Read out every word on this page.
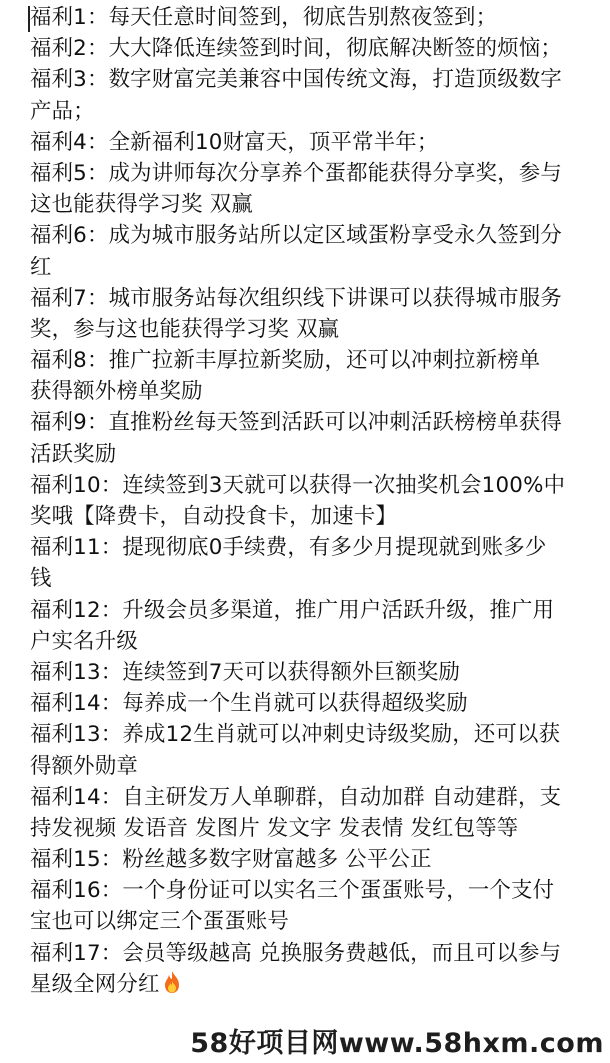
福利1：每天任意时间签到，彻底告别熬夜签到；
福利2：大大降低连续签到时间，彻底解决断签的烦恼；
福利3：数字财富完美兼容中国传统文海，打造顶级数字
产品；
福利4：全新福利10财富天，顶平常半年；
福利5：成为讲师每次分享养个蛋都能获得分享奖，参与
这也能获得学习奖 双赢
福利6：成为城市服务站所以定区域蛋粉享受永久签到分
红
福利7：城市服务站每次组织线下讲课可以获得城市服务
奖，参与这也能获得学习奖 双赢
福利8：推广拉新丰厚拉新奖励，还可以冲刺拉新榜单
获得额外榜单奖励
福利9：直推粉丝每天签到活跃可以冲刺活跃榜榜单获得
活跃奖励
福利10：连续签到3天就可以获得一次抽奖机会100%中
奖哦【降费卡，自动投食卡，加速卡】
福利11：提现彻底0手续费，有多少月提现就到账多少
钱
福利12：升级会员多渠道，推广用户活跃升级，推广用
户实名升级
福利13：连续签到7天可以获得额外巨额奖励
福利14：每养成一个生肖就可以获得超级奖励
福利13：养成12生肖就可以冲刺史诗级奖励，还可以获
得额外勋章
福利14：自主研发万人单聊群，自动加群 自动建群，支
持发视频 发语音 发图片 发文字 发表情 发红包等等
福利15：粉丝越多数字财富越多 公平公正
福利16：一个身份证可以实名三个蛋蛋账号，一个支付
宝也可以绑定三个蛋蛋账号
福利17：会员等级越高 兑换服务费越低，而且可以参与
星级全网分红
58好项目网www.58hxm.com
